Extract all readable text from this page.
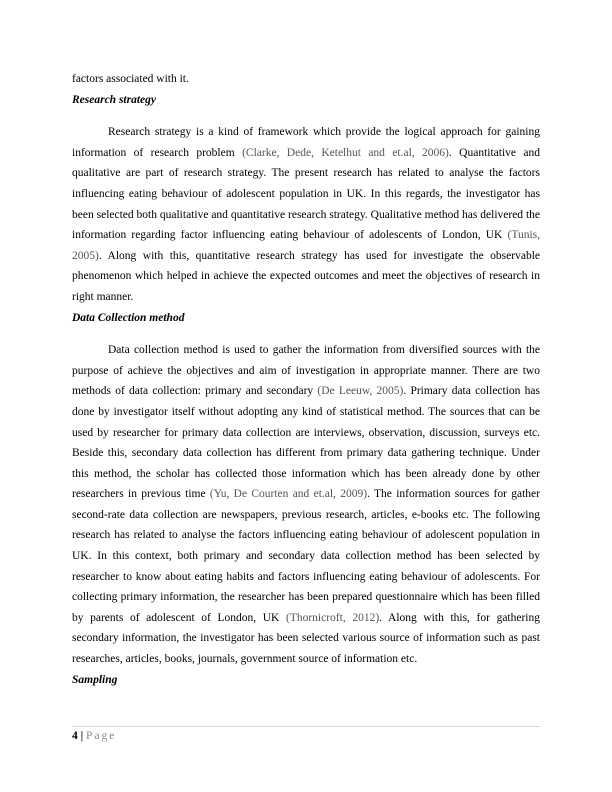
factors associated with it.

Research strategy

Research strategy is a kind of framework which provide the logical approach for gaining information of research problem (Clarke, Dede, Ketelhut and et.al, 2006). Quantitative and qualitative are part of research strategy. The present research has related to analyse the factors influencing eating behaviour of adolescent population in UK. In this regards, the investigator has been selected both qualitative and quantitative research strategy. Qualitative method has delivered the information regarding factor influencing eating behaviour of adolescents of London, UK (Tunis, 2005). Along with this, quantitative research strategy has used for investigate the observable phenomenon which helped in achieve the expected outcomes and meet the objectives of research in right manner.

Data Collection method

Data collection method is used to gather the information from diversified sources with the purpose of achieve the objectives and aim of investigation in appropriate manner. There are two methods of data collection: primary and secondary (De Leeuw, 2005). Primary data collection has done by investigator itself without adopting any kind of statistical method. The sources that can be used by researcher for primary data collection are interviews, observation, discussion, surveys etc. Beside this, secondary data collection has different from primary data gathering technique. Under this method, the scholar has collected those information which has been already done by other researchers in previous time (Yu, De Courten and et.al, 2009). The information sources for gather second-rate data collection are newspapers, previous research, articles, e-books etc. The following research has related to analyse the factors influencing eating behaviour of adolescent population in UK. In this context, both primary and secondary data collection method has been selected by researcher to know about eating habits and factors influencing eating behaviour of adolescents. For collecting primary information, the researcher has been prepared questionnaire which has been filled by parents of adolescent of London, UK (Thornicroft, 2012). Along with this, for gathering secondary information, the investigator has been selected various source of information such as past researches, articles, books, journals, government source of information etc.

Sampling

4 | Page
